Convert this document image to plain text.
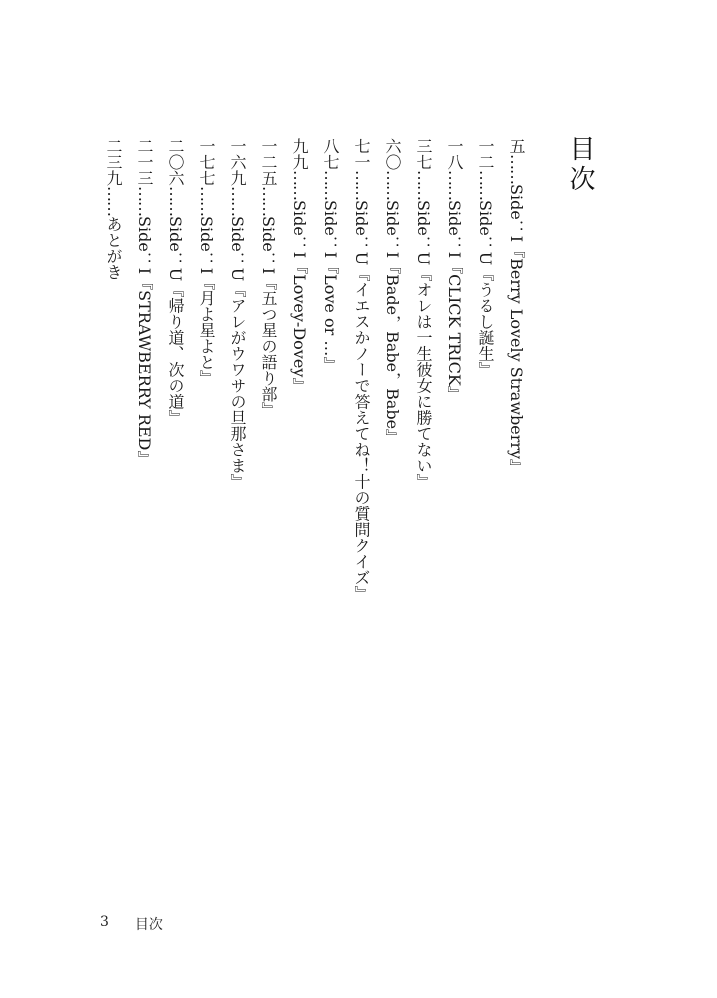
目次
五……Side：I『Berry Lovely Strawberry』
一二……Side：U『うるし誕生』
一八……Side：I『CLICK TRICK』
三七……Side：U『オレは一生彼女に勝てない』
六〇……Side：I『Bade，Babe，Babe』
七一……Side：U『イエスかノーで答えてね！十の質問クイズ』
八七……Side：I『Love or …』
九九……Side：I『Lovey-Dovey』
一二五……Side：I『五つ星の語り部』
一六九……Side：U『アレがウワサの旦那さま』
一七七……Side：I『月よ星よと』
二〇六……Side：U『帰り道、次の道』
二一三……Side：I『STRAWBERRY RED』
二三九……あとがき
3 目次
